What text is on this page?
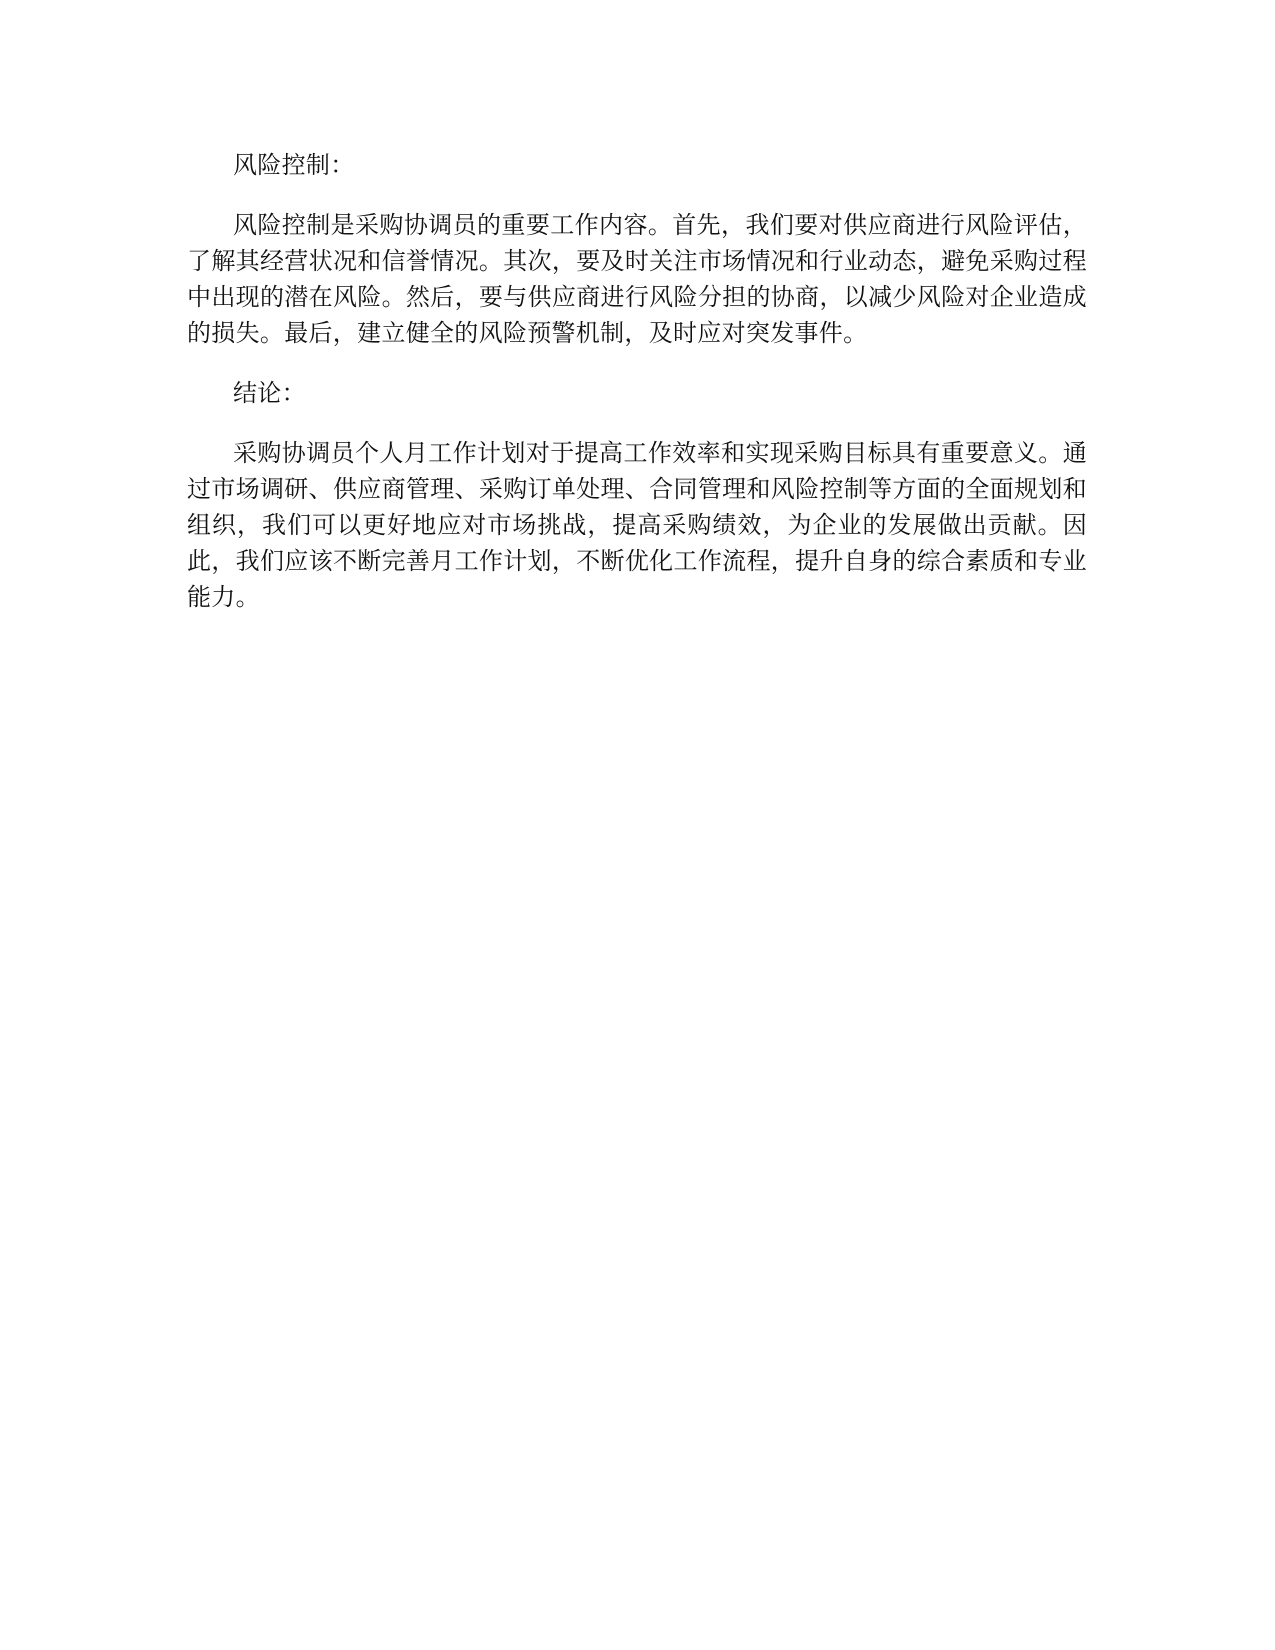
风险控制：

风险控制是采购协调员的重要工作内容。首先，我们要对供应商进行风险评估，了解其经营状况和信誉情况。其次，要及时关注市场情况和行业动态，避免采购过程中出现的潜在风险。然后，要与供应商进行风险分担的协商，以减少风险对企业造成的损失。最后，建立健全的风险预警机制，及时应对突发事件。

结论：

采购协调员个人月工作计划对于提高工作效率和实现采购目标具有重要意义。通过市场调研、供应商管理、采购订单处理、合同管理和风险控制等方面的全面规划和组织，我们可以更好地应对市场挑战，提高采购绩效，为企业的发展做出贡献。因此，我们应该不断完善月工作计划，不断优化工作流程，提升自身的综合素质和专业能力。
